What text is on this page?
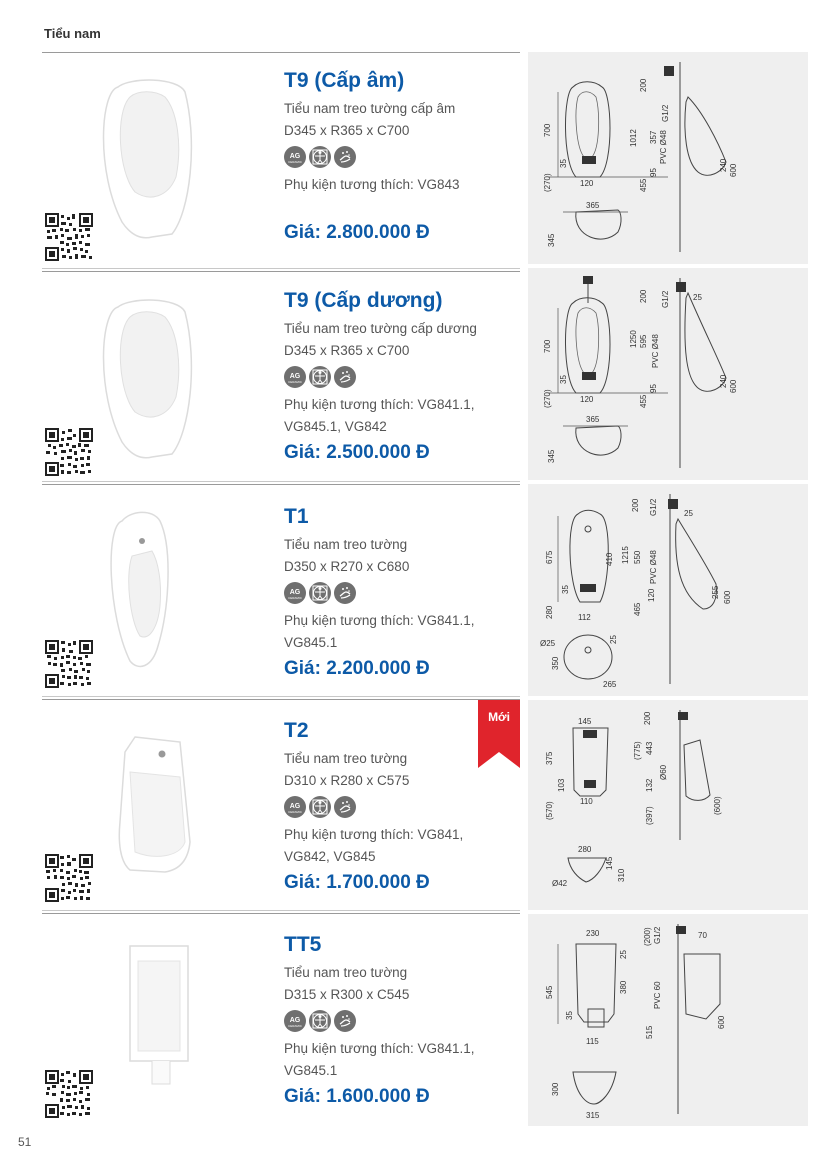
Tiểu nam
T9 (Cấp âm)
Tiểu nam treo tường cấp âm
D345 x R365 x C700
AG
CERAMIC
Phụ kiện tương thích: VG843
Giá: 2.800.000 Đ
700
(270)
35
120
365
345
200
1012
G1/2
357 PVC Ø48
455
95
240 600
T9 (Cấp dương)
Tiểu nam treo tường cấp dương
D345 x R365 x C700
AG
CERAMIC
Phụ kiện tương thích: VG841.1,
VG845.1, VG842
Giá: 2.500.000 Đ
700
(270)
35
120
365
345
200
1250 595
G1/2	25
PVC Ø48
455
95
240 600
T1
Tiểu nam treo tường
D350 x R270 x C680
AG
CERAMIC
Phụ kiện tương thích: VG841.1,
VG845.1
Giá: 2.200.000 Đ
675	410
35
280	112
Ø25
350
25
265
200
1215 550
G1/2	25
PVC Ø48
465
120	255 600
T2
Tiểu nam treo tường
D310 x R280 x C575
AG
CERAMIC
Phụ kiện tương thích: VG841,
VG842, VG845
Giá: 1.700.000 Đ
Mới	145
375
103
110
(570)
280
145
310
Ø42
200
(775) 443
Ø60
132
(397)
(600)
TT5
Tiểu nam treo tường
D315 x R300 x C545
AG
CERAMIC
Phụ kiện tương thích: VG841.1,
VG845.1
Giá: 1.600.000 Đ
230
545	380
35
25
115
300
315
(200) G1/2	70
PVC 60
515
600
51
